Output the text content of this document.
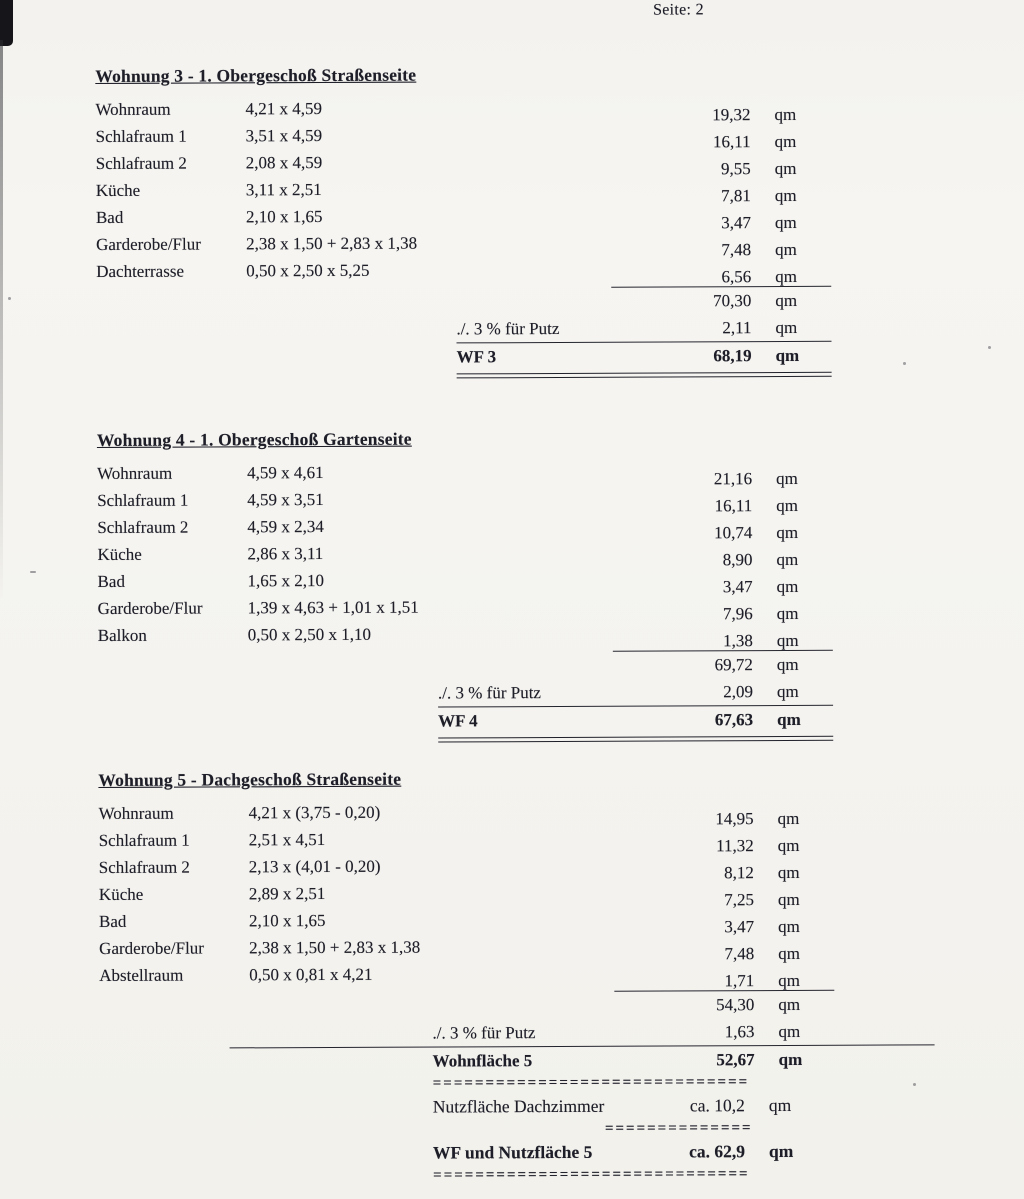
Seite: 2
Wohnung 3 - 1. Obergeschoß Straßenseite
Wohnraum	4,21 x 4,59	19,32	qm
Schlafraum 1	3,51 x 4,59	16,11	qm
Schlafraum 2	2,08 x 4,59	9,55	qm
Küche	3,11 x 2,51	7,81	qm
Bad	2,10 x 1,65	3,47	qm
Garderobe/Flur	2,38 x 1,50 + 2,83 x 1,38	7,48	qm
Dachterrasse	0,50 x 2,50 x 5,25	6,56	qm
70,30	qm
./. 3 % für Putz	2,11	qm
WF 3	68,19	qm
Wohnung 4 - 1. Obergeschoß Gartenseite
Wohnraum	4,59 x 4,61	21,16	qm
Schlafraum 1	4,59 x 3,51	16,11	qm
Schlafraum 2	4,59 x 2,34	10,74	qm
Küche	2,86 x 3,11	8,90	qm
Bad	1,65 x 2,10	3,47	qm
Garderobe/Flur	1,39 x 4,63 + 1,01 x 1,51	7,96	qm
Balkon	0,50 x 2,50 x 1,10	1,38	qm
69,72	qm
./. 3 % für Putz	2,09	qm
WF 4	67,63	qm
Wohnung 5 - Dachgeschoß Straßenseite
Wohnraum	4,21 x (3,75 - 0,20)	14,95	qm
Schlafraum 1	2,51 x 4,51	11,32	qm
Schlafraum 2	2,13 x (4,01 - 0,20)	8,12	qm
Küche	2,89 x 2,51	7,25	qm
Bad	2,10 x 1,65	3,47	qm
Garderobe/Flur	2,38 x 1,50 + 2,83 x 1,38	7,48	qm
Abstellraum	0,50 x 0,81 x 4,21	1,71	qm
54,30	qm
./. 3 % für Putz	1,63	qm
Wohnfläche 5	52,67	qm
==============================
Nutzfläche Dachzimmer	ca. 10,2	qm
==============
WF und Nutzfläche 5	ca. 62,9	qm
==============================
